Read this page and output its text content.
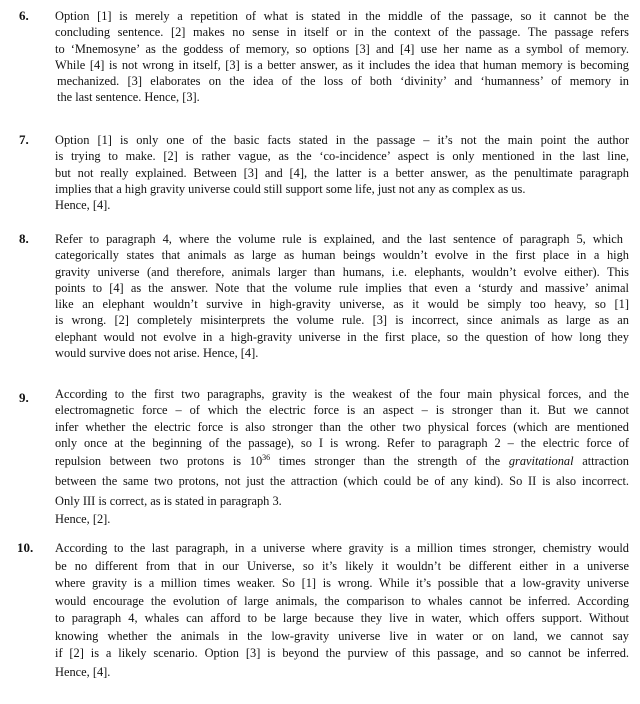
6. Option [1] is merely a repetition of what is stated in the middle of the passage, so it cannot be the
concluding sentence. [2] makes no sense in itself or in the context of the passage. The passage refers
to ‘Mnemosyne’ as the goddess of memory, so options [3] and [4] use her name as a symbol of memory.
While [4] is not wrong in itself, [3] is a better answer, as it includes the idea that human memory is becoming
mechanized. [3] elaborates on the idea of the loss of both ‘divinity’ and ‘humanness’ of memory in
the last sentence. Hence, [3].
7. Option [1] is only one of the basic facts stated in the passage – it’s not the main point the author
is trying to make. [2] is rather vague, as the ‘co-incidence’ aspect is only mentioned in the last line,
but not really explained. Between [3] and [4], the latter is a better answer, as the penultimate paragraph
implies that a high gravity universe could still support some life, just not any as complex as us.
Hence, [4].
8. Refer to paragraph 4, where the volume rule is explained, and the last sentence of paragraph 5, which
categorically states that animals as large as human beings wouldn’t evolve in the first place in a high
gravity universe (and therefore, animals larger than humans, i.e. elephants, wouldn’t evolve either). This
points to [4] as the answer. Note that the volume rule implies that even a ‘sturdy and massive’ animal
like an elephant wouldn’t survive in high-gravity universe, as it would be simply too heavy, so [1]
is wrong. [2] completely misinterprets the volume rule. [3] is incorrect, since animals as large as an
elephant would not evolve in a high-gravity universe in the first place, so the question of how long they
would survive does not arise. Hence, [4].
9. According to the first two paragraphs, gravity is the weakest of the four main physical forces, and the
electromagnetic force – of which the electric force is an aspect – is stronger than it. But we cannot
infer whether the electric force is also stronger than the other two physical forces (which are mentioned
only once at the beginning of the passage), so I is wrong. Refer to paragraph 2 – the electric force of
repulsion between two protons is $10^{36}$ times stronger than the strength of the gravitational attraction
between the same two protons, not just the attraction (which could be of any kind). So II is also incorrect.
Only III is correct, as is stated in paragraph 3.
Hence, [2].
10. According to the last paragraph, in a universe where gravity is a million times stronger, chemistry would
be no different from that in our Universe, so it’s likely it wouldn’t be different either in a universe
where gravity is a million times weaker. So [1] is wrong. While it’s possible that a low-gravity universe
would encourage the evolution of large animals, the comparison to whales cannot be inferred. According
to paragraph 4, whales can afford to be large because they live in water, which offers support. Without
knowing whether the animals in the low-gravity universe live in water or on land, we cannot say
if [2] is a likely scenario. Option [3] is beyond the purview of this passage, and so cannot be inferred.
Hence, [4].
